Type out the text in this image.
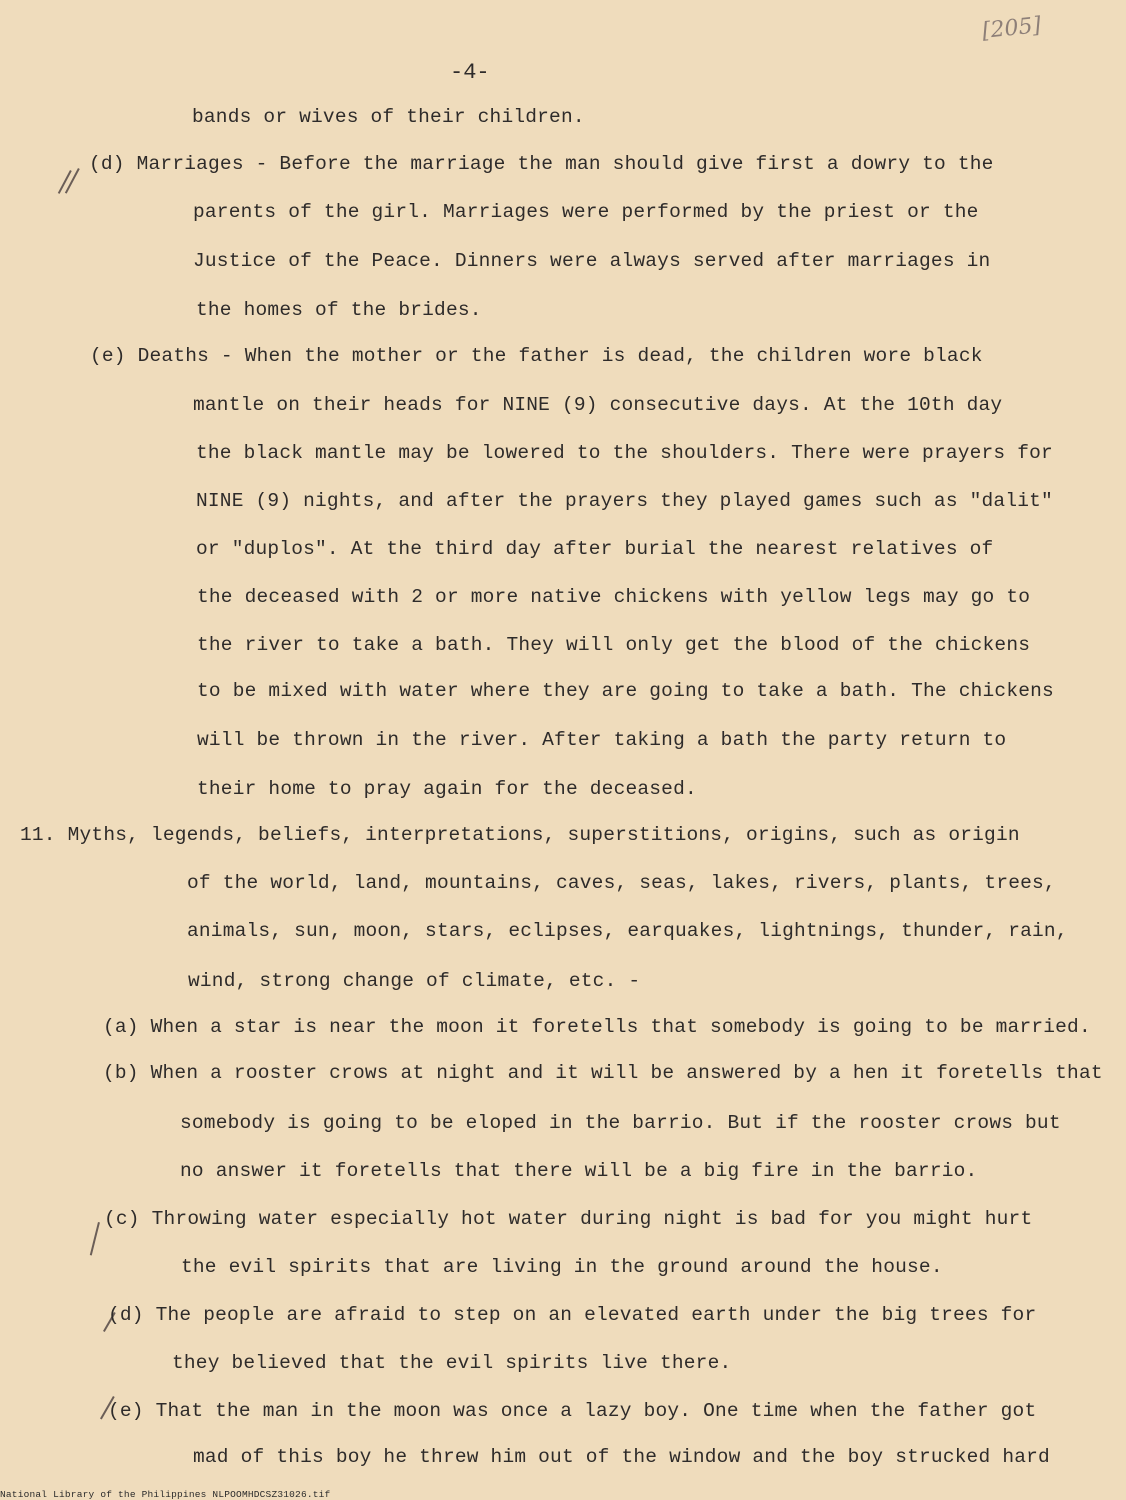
[205]
-4-
bands or wives of their children.
(d) Marriages - Before the marriage the man should give first a dowry to the
parents of the girl. Marriages were performed by the priest or the
Justice of the Peace. Dinners were always served after marriages in
the homes of the brides.
(e) Deaths - When the mother or the father is dead, the children wore black
mantle on their heads for NINE (9) consecutive days. At the 10th day
the black mantle may be lowered to the shoulders. There were prayers for
NINE (9) nights, and after the prayers they played games such as "dalit"
or "duplos". At the third day after burial the nearest relatives of
the deceased with 2 or more native chickens with yellow legs may go to
the river to take a bath. They will only get the blood of the chickens
to be mixed with water where they are going to take a bath. The chickens
will be thrown in the river. After taking a bath the party return to
their home to pray again for the deceased.
11. Myths, legends, beliefs, interpretations, superstitions, origins, such as origin
of the world, land, mountains, caves, seas, lakes, rivers, plants, trees,
animals, sun, moon, stars, eclipses, earquakes, lightnings, thunder, rain,
wind, strong change of climate, etc. -
(a) When a star is near the moon it foretells that somebody is going to be married.
(b) When a rooster crows at night and it will be answered by a hen it foretells that
somebody is going to be eloped in the barrio. But if the rooster crows but
no answer it foretells that there will be a big fire in the barrio.
(c) Throwing water especially hot water during night is bad for you might hurt
the evil spirits that are living in the ground around the house.
(d) The people are afraid to step on an elevated earth under the big trees for
they believed that the evil spirits live there.
(e) That the man in the moon was once a lazy boy. One time when the father got
mad of this boy he threw him out of the window and the boy strucked hard
National Library of the Philippines NLPOOMHDCSZ31026.tif
